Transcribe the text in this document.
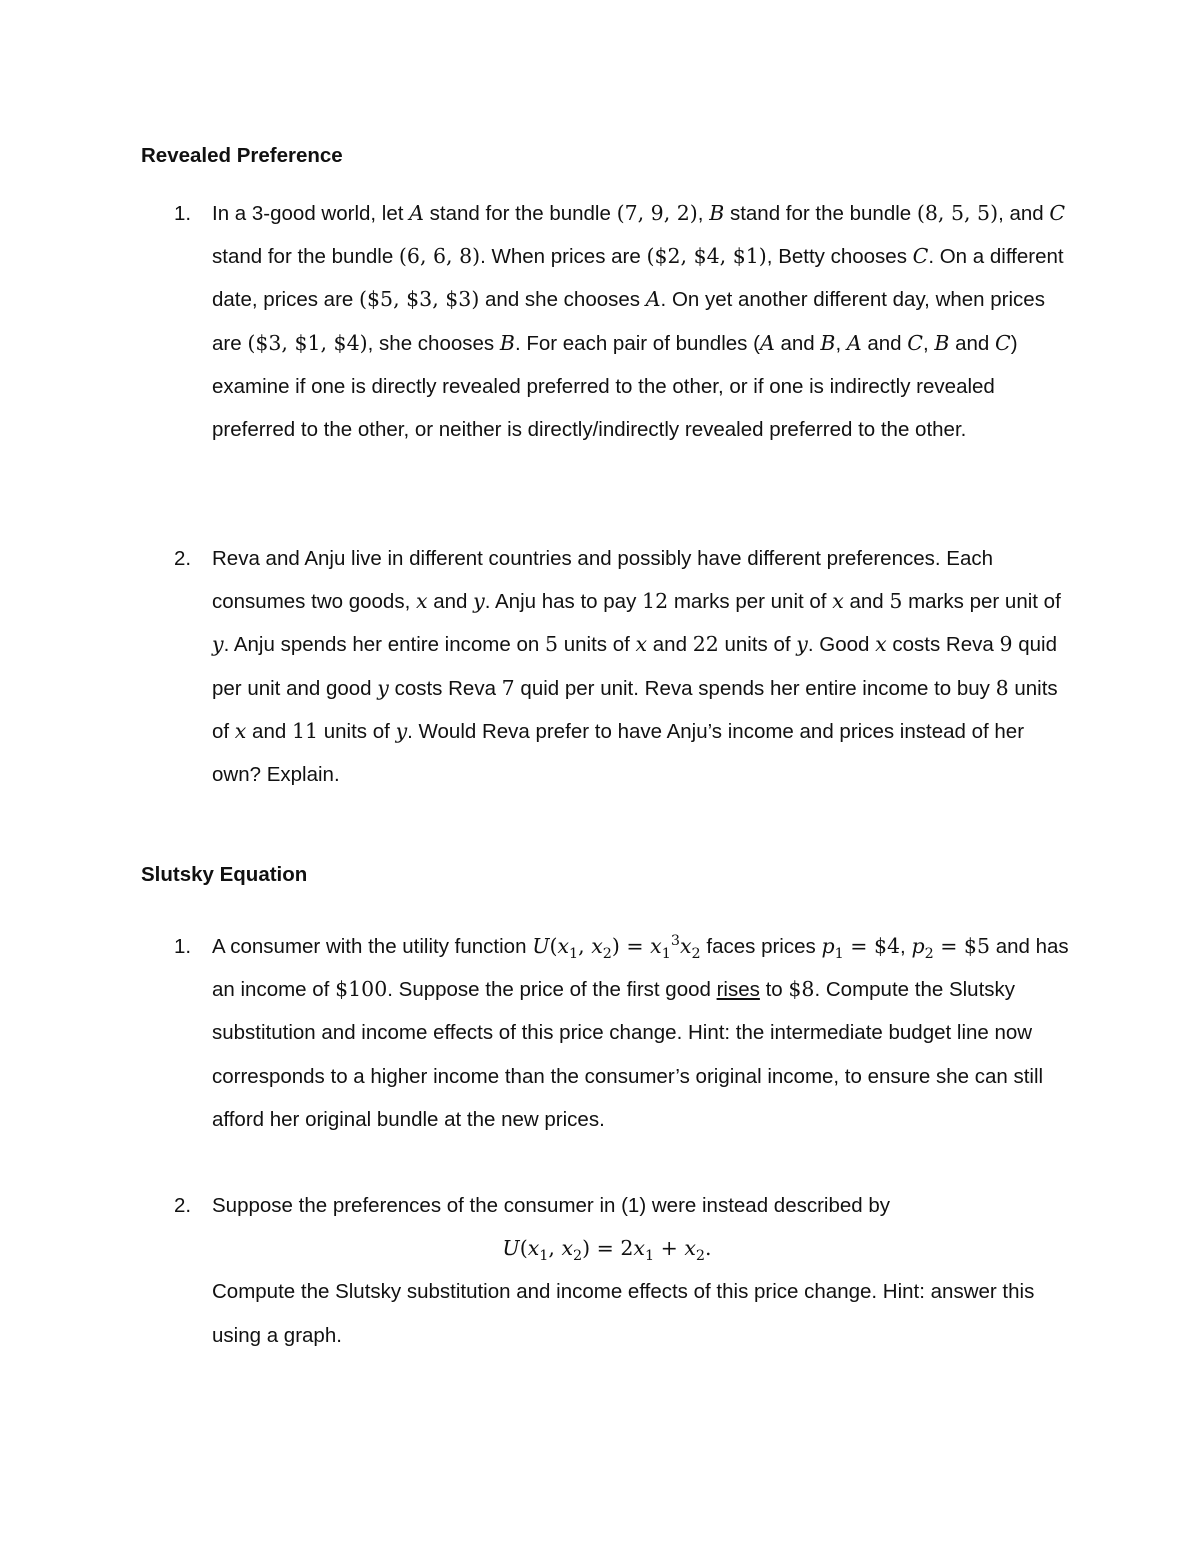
Revealed Preference
1. In a 3-good world, let A stand for the bundle (7, 9, 2), B stand for the bundle (8, 5, 5), and C stand for the bundle (6, 6, 8). When prices are ($2, $4, $1), Betty chooses C. On a different date, prices are ($5, $3, $3) and she chooses A. On yet another different day, when prices are ($3, $1, $4), she chooses B. For each pair of bundles (A and B, A and C, B and C) examine if one is directly revealed preferred to the other, or if one is indirectly revealed preferred to the other, or neither is directly/indirectly revealed preferred to the other.
2. Reva and Anju live in different countries and possibly have different preferences. Each consumes two goods, x and y. Anju has to pay 12 marks per unit of x and 5 marks per unit of y. Anju spends her entire income on 5 units of x and 22 units of y. Good x costs Reva 9 quid per unit and good y costs Reva 7 quid per unit. Reva spends her entire income to buy 8 units of x and 11 units of y. Would Reva prefer to have Anju’s income and prices instead of her own? Explain.
Slutsky Equation
1. A consumer with the utility function $U(x_1$, $x_2) = x_1^3x_2$ faces prices $p_1$ = $4, $p_2$ = $5 and has an income of $100. Suppose the price of the first good rises to $8. Compute the Slutsky substitution and income effects of this price change. Hint: the intermediate budget line now corresponds to a higher income than the consumer’s original income, to ensure she can still afford her original bundle at the new prices.
2. Suppose the preferences of the consumer in (1) were instead described by
$U(x_1$, $x_2) = 2x_1 + x_2$.
Compute the Slutsky substitution and income effects of this price change. Hint: answer this using a graph.
